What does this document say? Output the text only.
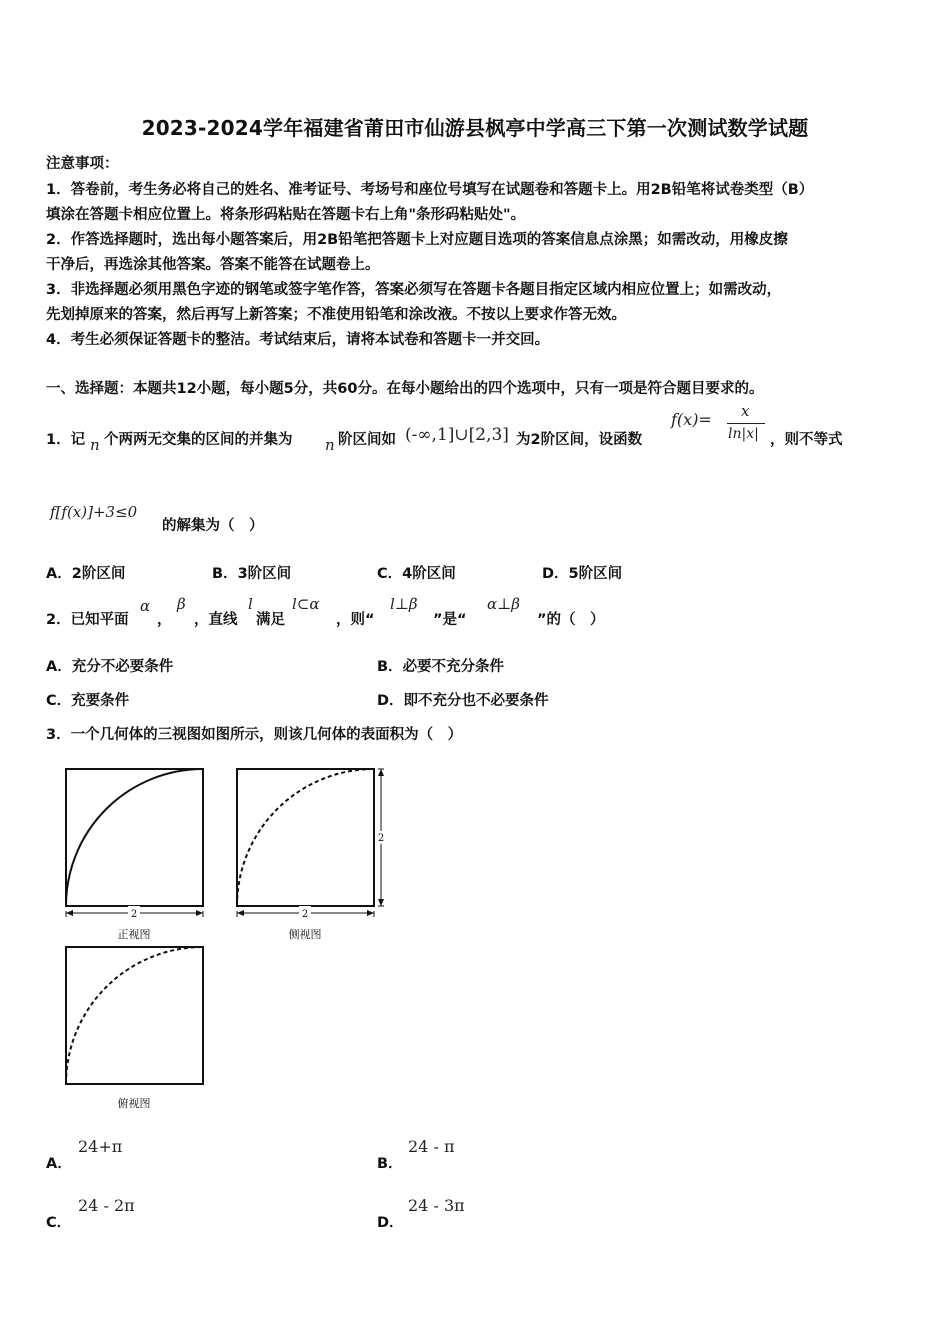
2023-2024学年福建省莆田市仙游县枫亭中学高三下第一次测试数学试题
注意事项：
1．答卷前，考生务必将自己的姓名、准考证号、考场号和座位号填写在试题卷和答题卡上。用2B铅笔将试卷类型（B）
填涂在答题卡相应位置上。将条形码粘贴在答题卡右上角"条形码粘贴处"。
2．作答选择题时，选出每小题答案后，用2B铅笔把答题卡上对应题目选项的答案信息点涂黑；如需改动，用橡皮擦
干净后，再选涂其他答案。答案不能答在试题卷上。
3．非选择题必须用黑色字迹的钢笔或签字笔作答，答案必须写在答题卡各题目指定区域内相应位置上；如需改动，
先划掉原来的答案，然后再写上新答案；不准使用铅笔和涂改液。不按以上要求作答无效。
4．考生必须保证答题卡的整洁。考试结束后，请将本试卷和答题卡一并交回。
一、选择题：本题共12小题，每小题5分，共60分。在每小题给出的四个选项中，只有一项是符合题目要求的。
1．记 n 个两两无交集的区间的并集为 n 阶区间如 (-∞,1]∪[2,3] 为2阶区间，设函数
f(x)= x
ln|x| ，则不等式
f[f(x)]+3≤0
的解集为（　）
A．2阶区间	B．3阶区间	C．4阶区间	D．5阶区间
2．已知平面
α
，
β
，直线
l
满足
l⊂α
，则“
l⊥β
”是“
α⊥β
”的（　）
A．充分不必要条件	B．必要不充分条件
C．充要条件	D．即不充分也不必要条件
3．一个几何体的三视图如图所示，则该几何体的表面积为（　）
2
正视图
2
2
侧视图
俯视图
A．
24+π
B．
24 - π
C．
24 - 2π
D．
24 - 3π
